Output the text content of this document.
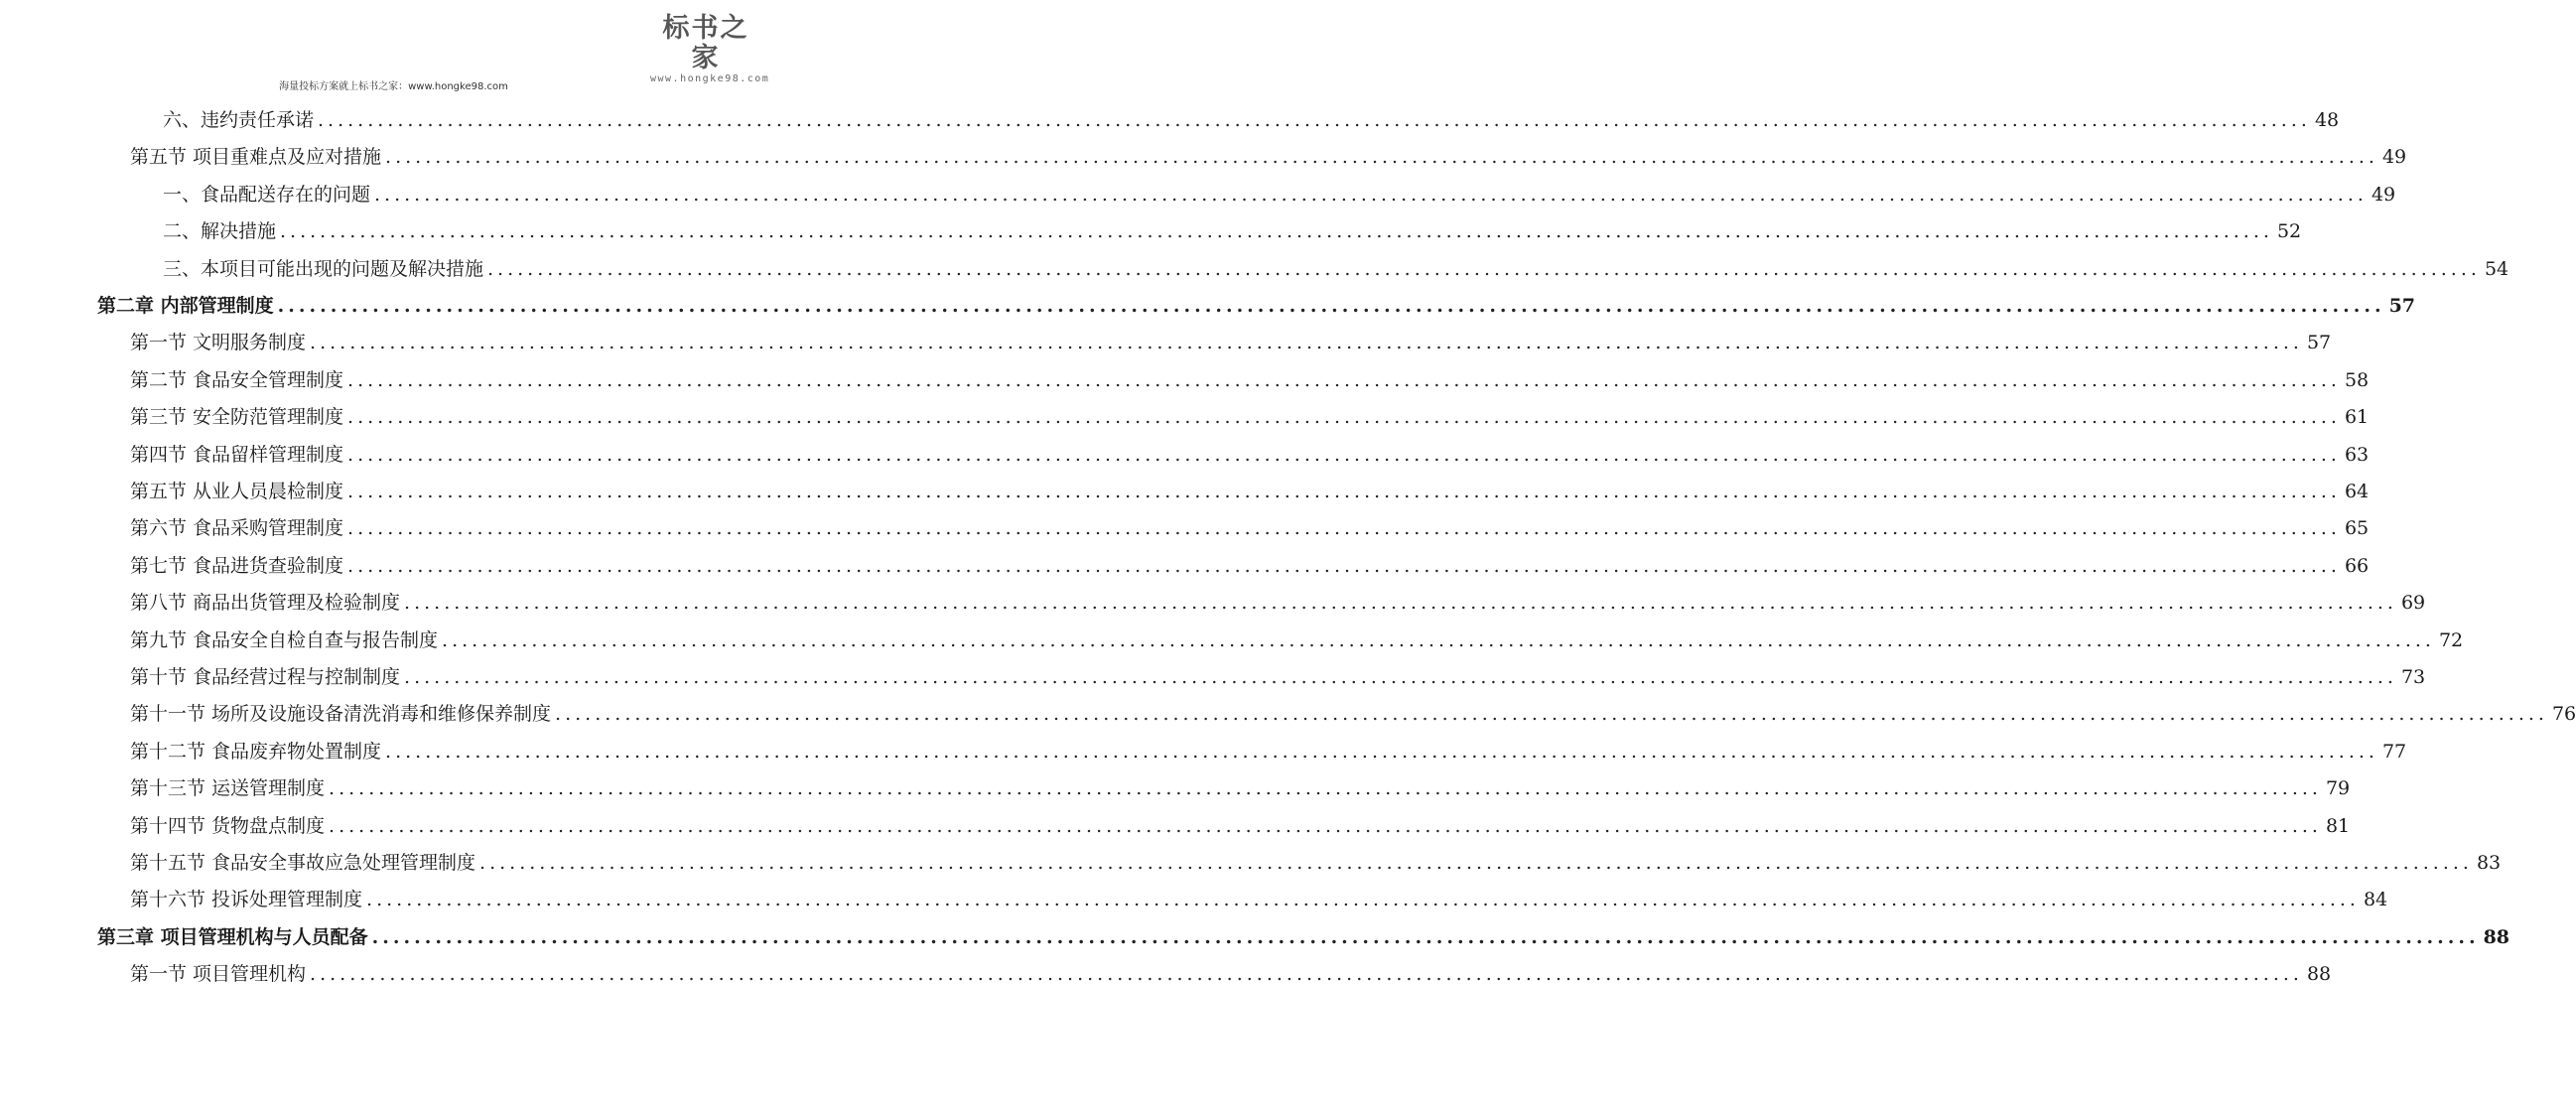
标书之家
www.hongke98.com
海量投标方案就上标书之家：www.hongke98.com
六、违约责任承诺 ........................................................................................................................................................................................................ 48
第五节 项目重难点及应对措施 ........................................................................................................................................................................................................ 49
一、食品配送存在的问题 ........................................................................................................................................................................................................ 49
二、解决措施 ........................................................................................................................................................................................................ 52
三、本项目可能出现的问题及解决措施 ........................................................................................................................................................................................................ 54
第二章 内部管理制度 ........................................................................................................................................................................................................ 57
第一节 文明服务制度 ........................................................................................................................................................................................................ 57
第二节 食品安全管理制度 ........................................................................................................................................................................................................ 58
第三节 安全防范管理制度 ........................................................................................................................................................................................................ 61
第四节 食品留样管理制度 ........................................................................................................................................................................................................ 63
第五节 从业人员晨检制度 ........................................................................................................................................................................................................ 64
第六节 食品采购管理制度 ........................................................................................................................................................................................................ 65
第七节 食品进货查验制度 ........................................................................................................................................................................................................ 66
第八节 商品出货管理及检验制度 ........................................................................................................................................................................................................ 69
第九节 食品安全自检自查与报告制度 ........................................................................................................................................................................................................ 72
第十节 食品经营过程与控制制度 ........................................................................................................................................................................................................ 73
第十一节 场所及设施设备清洗消毒和维修保养制度 ........................................................................................................................................................................................................ 76
第十二节 食品废弃物处置制度 ........................................................................................................................................................................................................ 77
第十三节 运送管理制度 ........................................................................................................................................................................................................ 79
第十四节 货物盘点制度 ........................................................................................................................................................................................................ 81
第十五节 食品安全事故应急处理管理制度 ........................................................................................................................................................................................................ 83
第十六节 投诉处理管理制度 ........................................................................................................................................................................................................ 84
第三章 项目管理机构与人员配备 ........................................................................................................................................................................................................ 88
第一节 项目管理机构 ........................................................................................................................................................................................................ 88
